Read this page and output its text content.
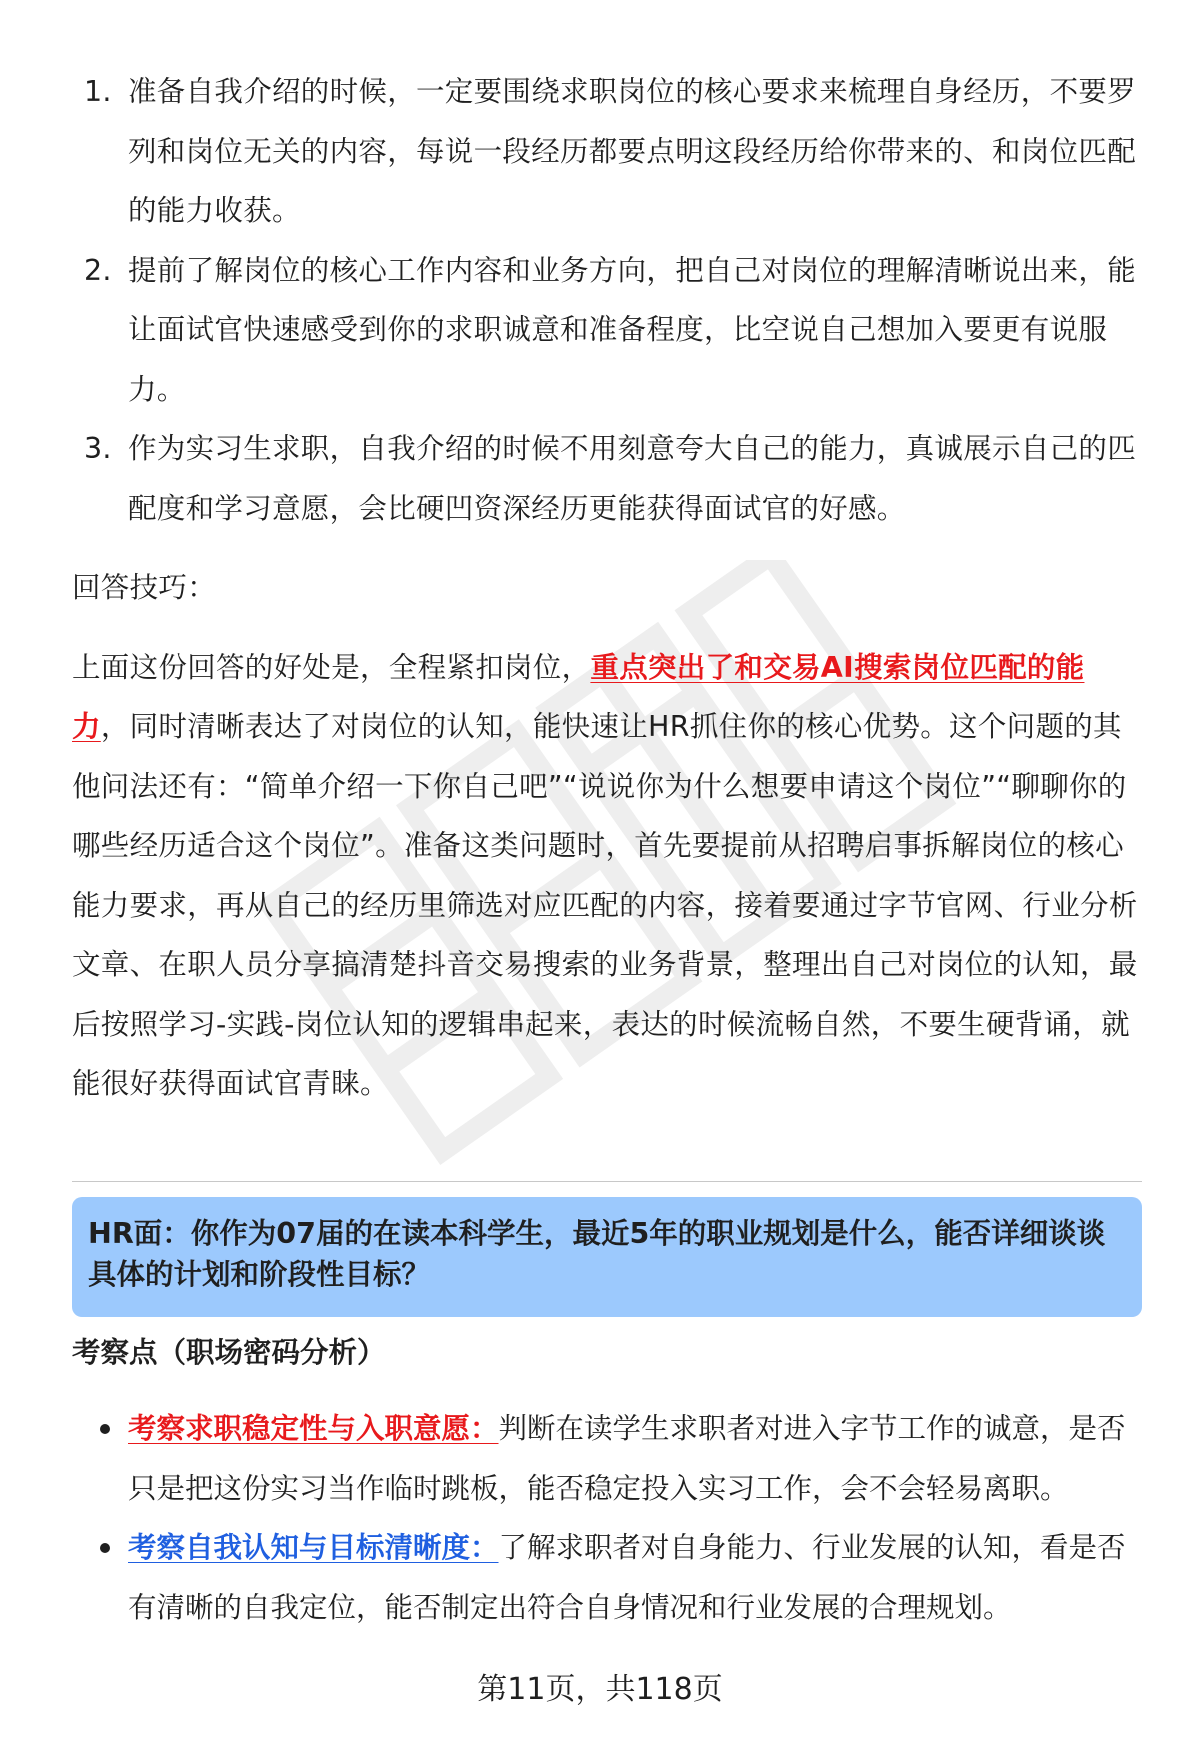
1. 准备自我介绍的时候，一定要围绕求职岗位的核心要求来梳理自身经历，不要罗列和岗位无关的内容，每说一段经历都要点明这段经历给你带来的、和岗位匹配的能力收获。
2. 提前了解岗位的核心工作内容和业务方向，把自己对岗位的理解清晰说出来，能让面试官快速感受到你的求职诚意和准备程度，比空说自己想加入要更有说服力。
3. 作为实习生求职，自我介绍的时候不用刻意夸大自己的能力，真诚展示自己的匹配度和学习意愿，会比硬凹资深经历更能获得面试官的好感。
回答技巧：
上面这份回答的好处是，全程紧扣岗位，重点突出了和交易AI搜索岗位匹配的能力，同时清晰表达了对岗位的认知，能快速让HR抓住你的核心优势。这个问题的其他问法还有：“简单介绍一下你自己吧”“说说你为什么想要申请这个岗位”“聊聊你的哪些经历适合这个岗位”。准备这类问题时，首先要提前从招聘启事拆解岗位的核心能力要求，再从自己的经历里筛选对应匹配的内容，接着要通过字节官网、行业分析文章、在职人员分享搞清楚抖音交易搜索的业务背景，整理出自己对岗位的认知，最后按照学习-实践-岗位认知的逻辑串起来，表达的时候流畅自然，不要生硬背诵，就能很好获得面试官青睐。
HR面：你作为07届的在读本科学生，最近5年的职业规划是什么，能否详细谈谈具体的计划和阶段性目标？
考察点（职场密码分析）
考察求职稳定性与入职意愿：判断在读学生求职者对进入字节工作的诚意，是否只是把这份实习当作临时跳板，能否稳定投入实习工作，会不会轻易离职。
考察自我认知与目标清晰度：了解求职者对自身能力、行业发展的认知，看是否有清晰的自我定位，能否制定出符合自身情况和行业发展的合理规划。
第11页，共118页
